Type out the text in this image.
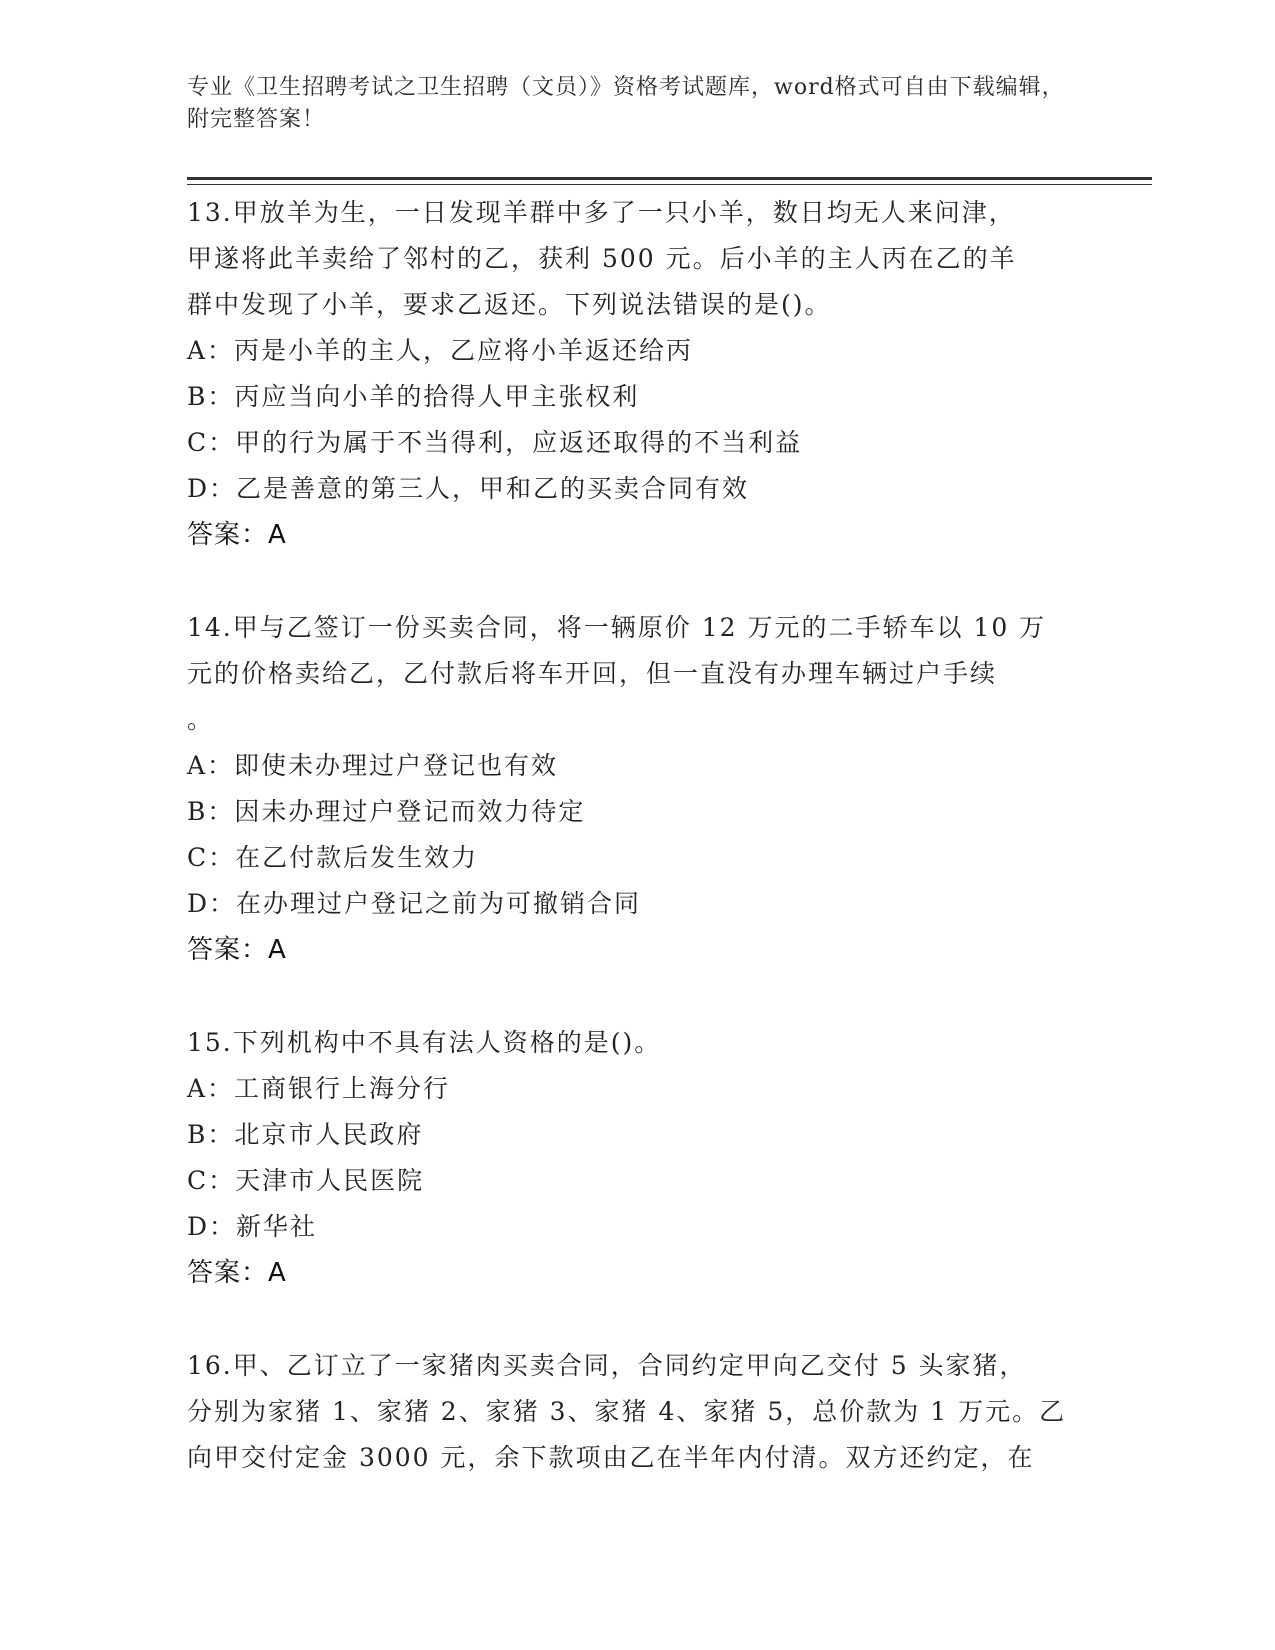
专业《卫生招聘考试之卫生招聘（文员）》资格考试题库，word格式可自由下载编辑，附完整答案！

13.甲放羊为生，一日发现羊群中多了一只小羊，数日均无人来问津，

甲遂将此羊卖给了邻村的乙，获利 500 元。后小羊的主人丙在乙的羊

群中发现了小羊，要求乙返还。下列说法错误的是()。

A：丙是小羊的主人，乙应将小羊返还给丙

B：丙应当向小羊的拾得人甲主张权利

C：甲的行为属于不当得利，应返还取得的不当利益

D：乙是善意的第三人，甲和乙的买卖合同有效

答案：A

14.甲与乙签订一份买卖合同，将一辆原价 12 万元的二手轿车以 10 万

元的价格卖给乙，乙付款后将车开回，但一直没有办理车辆过户手续

。

A：即使未办理过户登记也有效

B：因未办理过户登记而效力待定

C：在乙付款后发生效力

D：在办理过户登记之前为可撤销合同

答案：A

15.下列机构中不具有法人资格的是()。

A：工商银行上海分行

B：北京市人民政府

C：天津市人民医院

D：新华社

答案：A

16.甲、乙订立了一家猪肉买卖合同，合同约定甲向乙交付 5 头家猪，

分别为家猪 1、家猪 2、家猪 3、家猪 4、家猪 5，总价款为 1 万元。乙

向甲交付定金 3000 元，余下款项由乙在半年内付清。双方还约定，在
